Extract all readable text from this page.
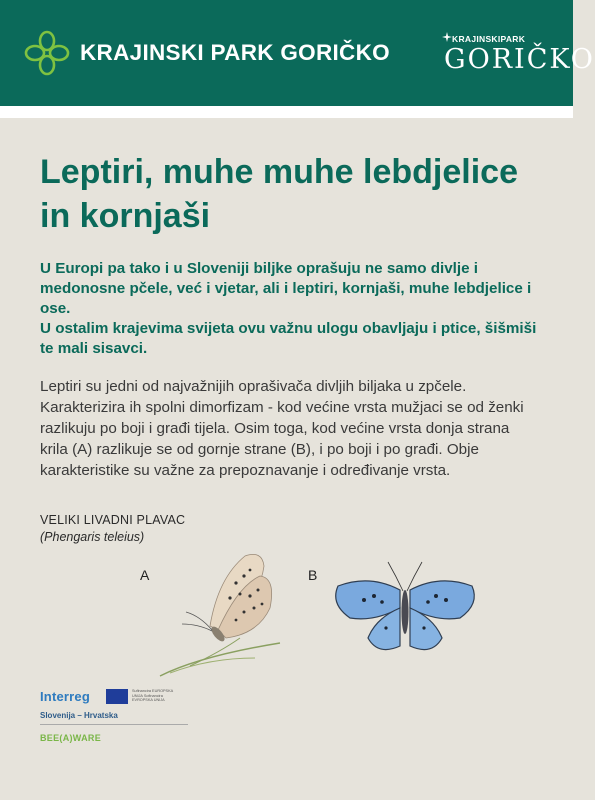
KRAJINSKI PARK GORIČKO
KRAJINSKIPARK
GORIČKO
Leptiri, muhe muhe lebdjelice in kornjaši

U Europi pa tako i u Sloveniji biljke oprašuju ne samo divlje i medonosne pčele, već i vjetar, ali i leptiri, kornjaši, muhe lebdjelice i ose.
U ostalim krajevima svijeta ovu važnu ulogu obavljaju i ptice, šišmiši te mali sisavci.

Leptiri su jedni od najvažnijih oprašivača divljih biljaka u zpčele. Karakterizira ih spolni dimorfizam - kod većine vrsta mužjaci se od ženki razlikuju po boji i građi tijela. Osim toga, kod većine vrsta donja strana krila (A) razlikuje se od gornje strane (B), i po boji i po građi. Obje karakteristike su važne za prepoznavanje i određivanje vrsta.

VELIKI LIVADNI PLAVAC
(Phengaris teleius)
A	B
Interreg	Sufinancira EUROPSKA UNIJA Sofinancira EVROPSKA UNIJA
Slovenija – Hrvatska
BEE(A)WARE
